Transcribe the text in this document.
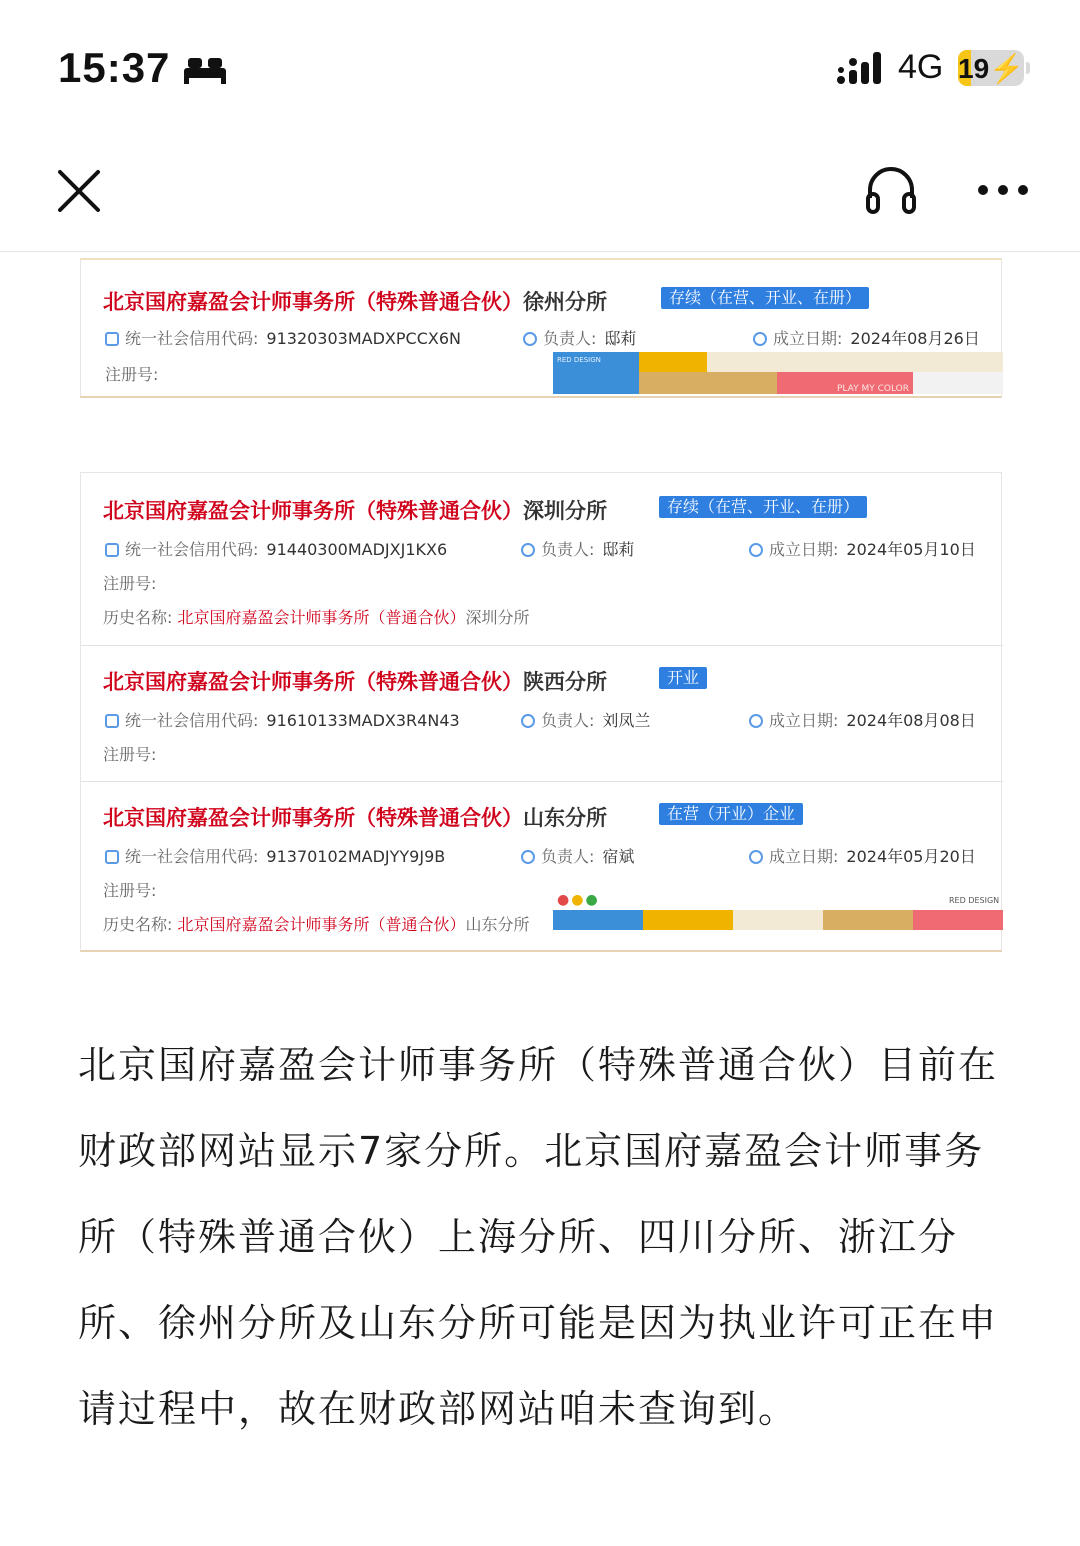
15:37	4G 19⚡
北京国府嘉盈会计师事务所（特殊普通合伙）徐州分所	存续（在营、开业、在册）
统一社会信用代码: 91320303MADXPCCX6N	负责人: 邸莉	成立日期: 2024年08月26日
注册号:
RED DESIGN
PLAY MY COLOR
北京国府嘉盈会计师事务所（特殊普通合伙）深圳分所	存续（在营、开业、在册）
统一社会信用代码: 91440300MADJXJ1KX6	负责人: 邸莉	成立日期: 2024年05月10日
注册号:
历史名称: 北京国府嘉盈会计师事务所（普通合伙）深圳分所
北京国府嘉盈会计师事务所（特殊普通合伙）陕西分所	开业
统一社会信用代码: 91610133MADX3R4N43	负责人: 刘凤兰	成立日期: 2024年08月08日
注册号:
北京国府嘉盈会计师事务所（特殊普通合伙）山东分所	在营（开业）企业
统一社会信用代码: 91370102MADJYY9J9B	负责人: 宿斌	成立日期: 2024年05月20日
注册号:
历史名称: 北京国府嘉盈会计师事务所（普通合伙）山东分所
●●●	RED DESIGN

北京国府嘉盈会计师事务所（特殊普通合伙）目前在财政部网站显示7家分所。北京国府嘉盈会计师事务所（特殊普通合伙）上海分所、四川分所、浙江分所、徐州分所及山东分所可能是因为执业许可正在申请过程中，故在财政部网站咱未查询到。
